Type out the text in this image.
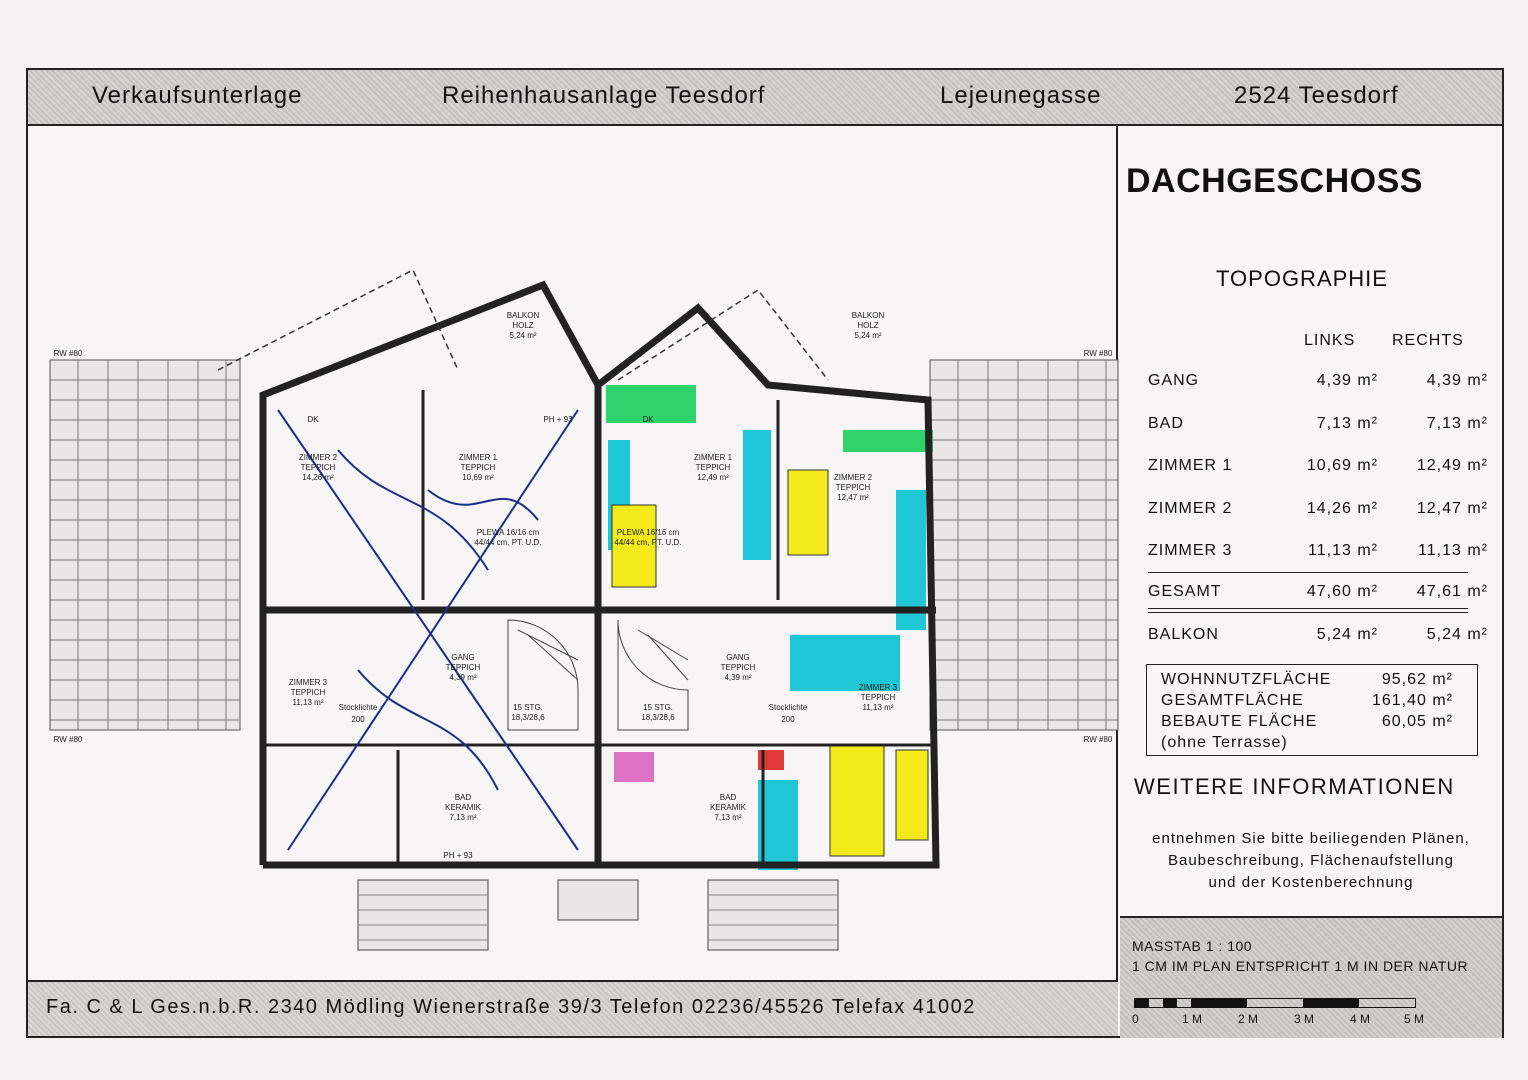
Verkaufsunterlage	Reihenhausanlage Teesdorf	Lejeunegasse	2524 Teesdorf
BALKON
HOLZ
5,24 m²
BALKON
HOLZ
5,24 m²
ZIMMER 1
TEPPICH
10,69 m²
ZIMMER 1
TEPPICH
12,49 m²
ZIMMER 2
TEPPICH
14,26 m²	ZIMMER 2
TEPPICH
12,47 m²
GANG
TEPPICH
4,39 m²
GANG
TEPPICH
4,39 m²
ZIMMER 3
TEPPICH
11,13 m²
ZIMMER 3
TEPPICH
11,13 m²
BAD
KERAMIK
7,13 m²
BAD
KERAMIK
7,13 m²
PLEWA 16/16 cm
44/44 cm, PT. U.D.
PLEWA 16/16 cm
44/44 cm, PT. U.D.
15 STG.
18,3/28,6
15 STG.
18,3/28,6
DK	DK
PH + 93
PH + 93
RW #80	RW #80
RW #80	RW #80
Stocklichte	Stocklichte
200	200
DACHGESCHOSS
TOPOGRAPHIE
LINKS RECHTS
GANG	4,39 m²	4,39 m²
BAD	7,13 m²	7,13 m²
ZIMMER 1	10,69 m² 12,49 m²
ZIMMER 2	14,26 m² 12,47 m²
ZIMMER 3	11,13 m²	11,13 m²
GESAMT	47,60 m² 47,61 m²
BALKON	5,24 m²	5,24 m²
WOHNNUTZFLÄCHE	95,62 m²
GESAMTFLÄCHE	161,40 m²
BEBAUTE FLÄCHE	60,05 m²
(ohne Terrasse)
WEITERE INFORMATIONEN
entnehmen Sie bitte beiliegenden Plänen,
Baubeschreibung, Flächenaufstellung
und der Kostenberechnung
MASSTAB 1 : 100
1 CM IM PLAN ENTSPRICHT 1 M IN DER NATUR
0	1 M	2 M	3 M	4 M	5 M
Fa. C & L Ges.n.b.R. 2340 Mödling Wienerstraße 39/3 Telefon 02236/45526 Telefax 41002
